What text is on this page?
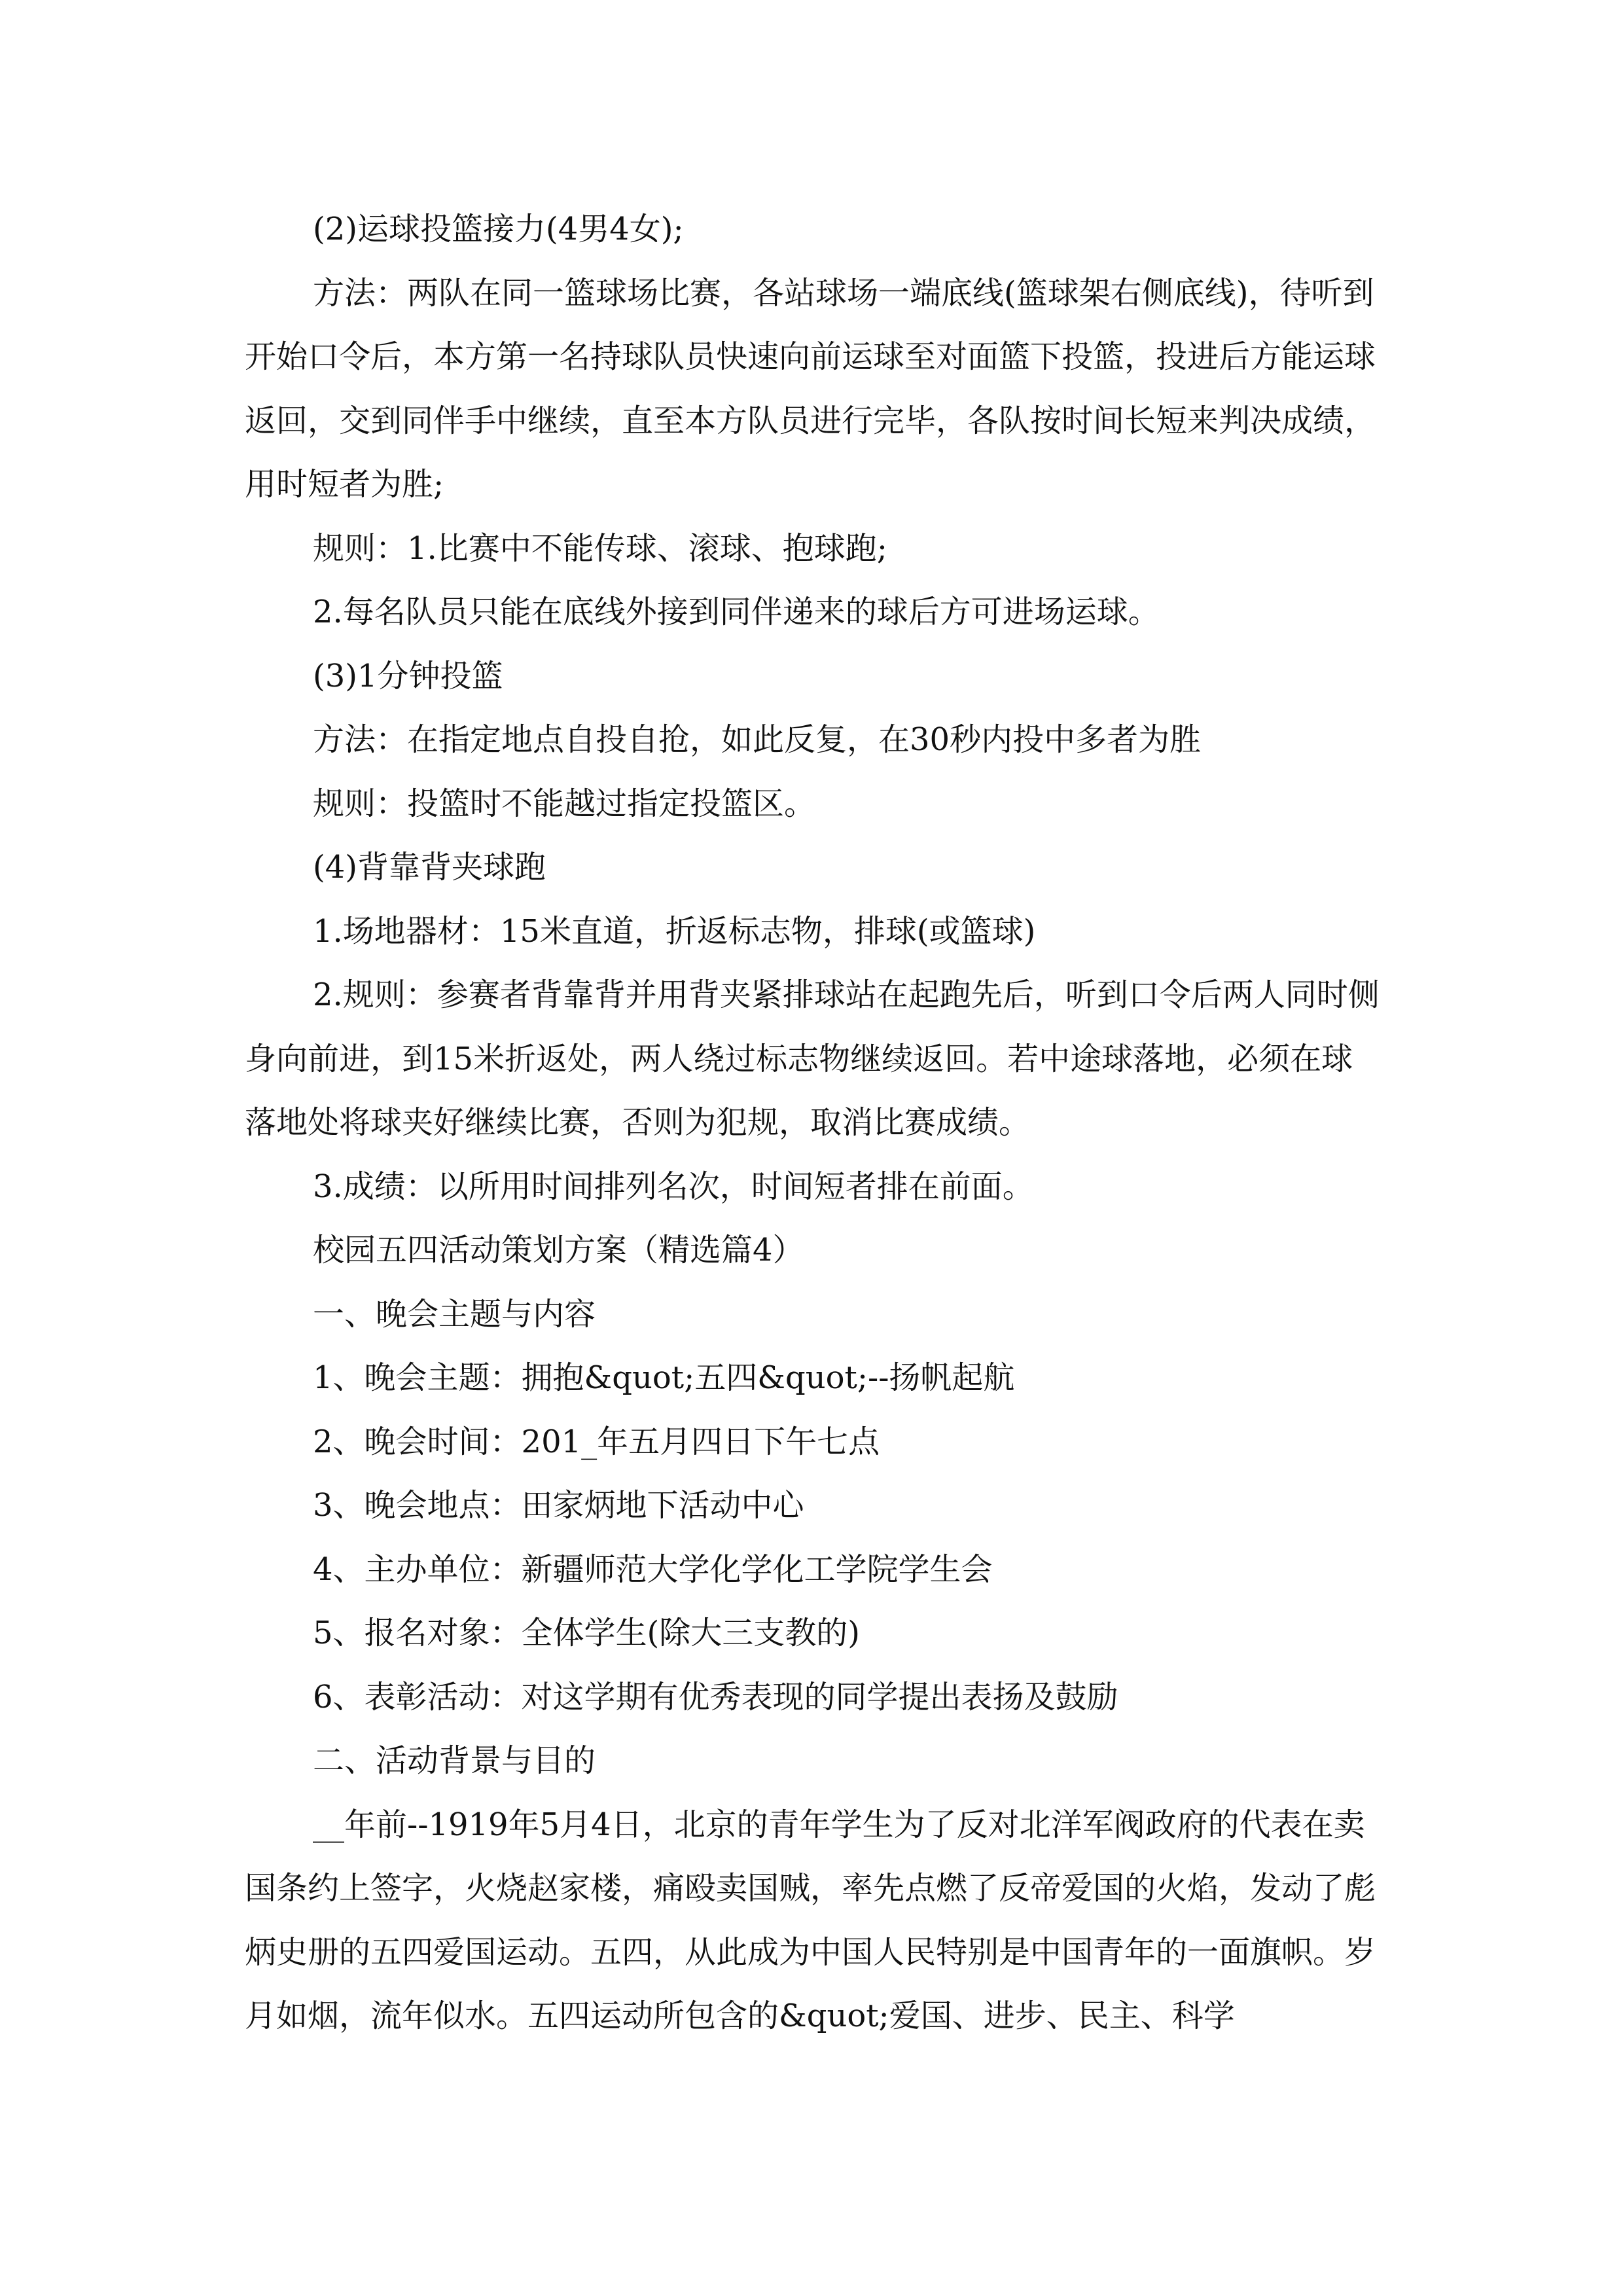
(2)运球投篮接力(4男4女);

方法：两队在同一篮球场比赛，各站球场一端底线(篮球架右侧底线)，待听到开始口令后，本方第一名持球队员快速向前运球至对面篮下投篮，投进后方能运球返回，交到同伴手中继续，直至本方队员进行完毕，各队按时间长短来判决成绩，用时短者为胜;

规则：1.比赛中不能传球、滚球、抱球跑;

2.每名队员只能在底线外接到同伴递来的球后方可进场运球。

(3)1分钟投篮

方法：在指定地点自投自抢，如此反复，在30秒内投中多者为胜

规则：投篮时不能越过指定投篮区。

(4)背靠背夹球跑

1.场地器材：15米直道，折返标志物，排球(或篮球)

2.规则：参赛者背靠背并用背夹紧排球站在起跑先后，听到口令后两人同时侧身向前进，到15米折返处，两人绕过标志物继续返回。若中途球落地，必须在球落地处将球夹好继续比赛，否则为犯规，取消比赛成绩。

3.成绩：以所用时间排列名次，时间短者排在前面。

校园五四活动策划方案（精选篇4）

一、晚会主题与内容

1、晚会主题：拥抱&quot;五四&quot;--扬帆起航

2、晚会时间：201_年五月四日下午七点

3、晚会地点：田家炳地下活动中心

4、主办单位：新疆师范大学化学化工学院学生会

5、报名对象：全体学生(除大三支教的)

6、表彰活动：对这学期有优秀表现的同学提出表扬及鼓励

二、活动背景与目的

__年前--1919年5月4日，北京的青年学生为了反对北洋军阀政府的代表在卖国条约上签字，火烧赵家楼，痛殴卖国贼，率先点燃了反帝爱国的火焰，发动了彪炳史册的五四爱国运动。五四，从此成为中国人民特别是中国青年的一面旗帜。岁月如烟，流年似水。五四运动所包含的&quot;爱国、进步、民主、科学
